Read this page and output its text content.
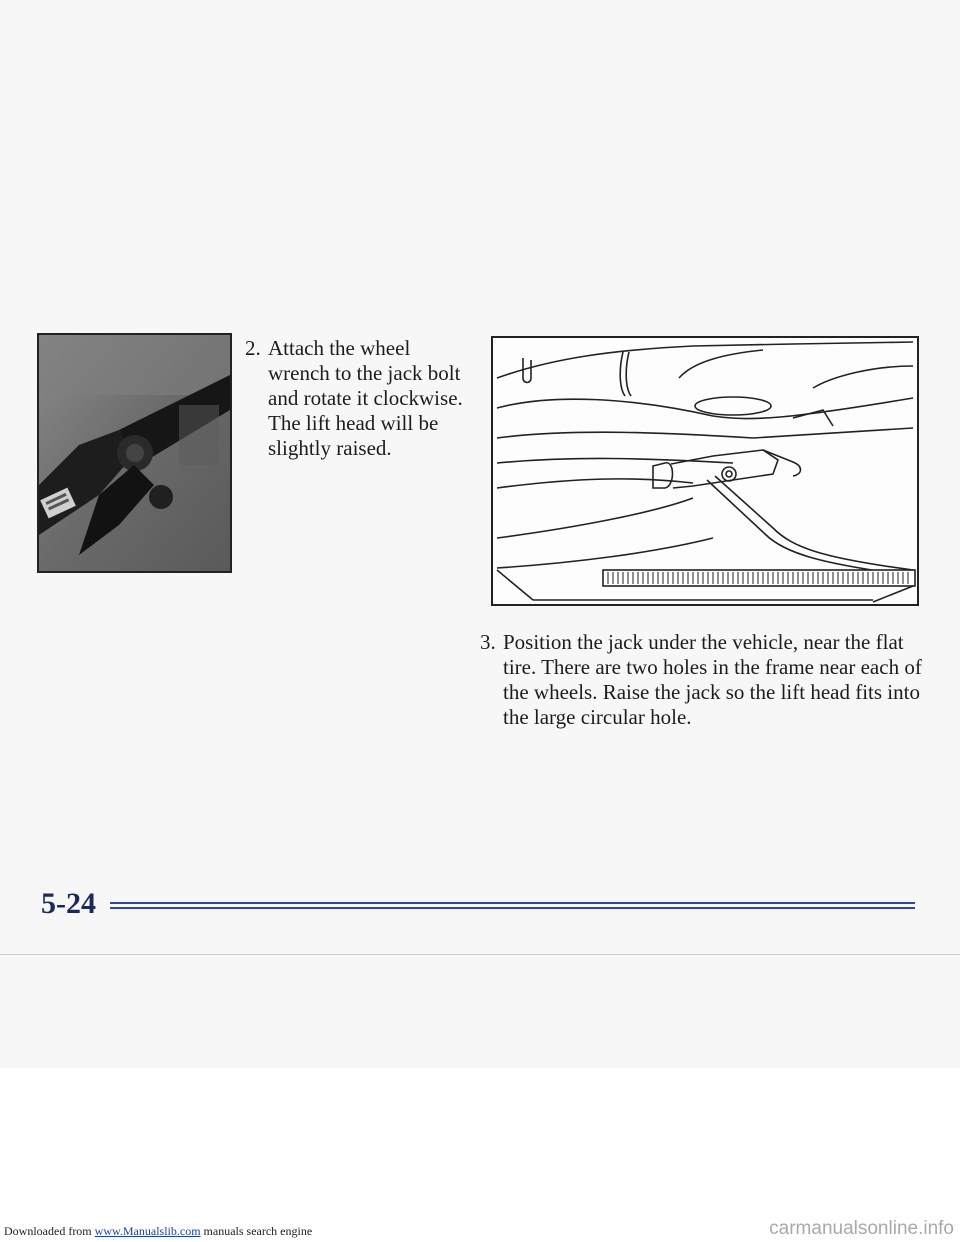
2. Attach the wheel wrench to the jack bolt and rotate it clockwise. The lift head will be slightly raised.
3. Position the jack under the vehicle, near the flat tire. There are two holes in the frame near each of the wheels. Raise the jack so the lift head fits into the large circular hole.
5-24
Downloaded from www.Manualslib.com manuals search engine	carmanualsonline.info
